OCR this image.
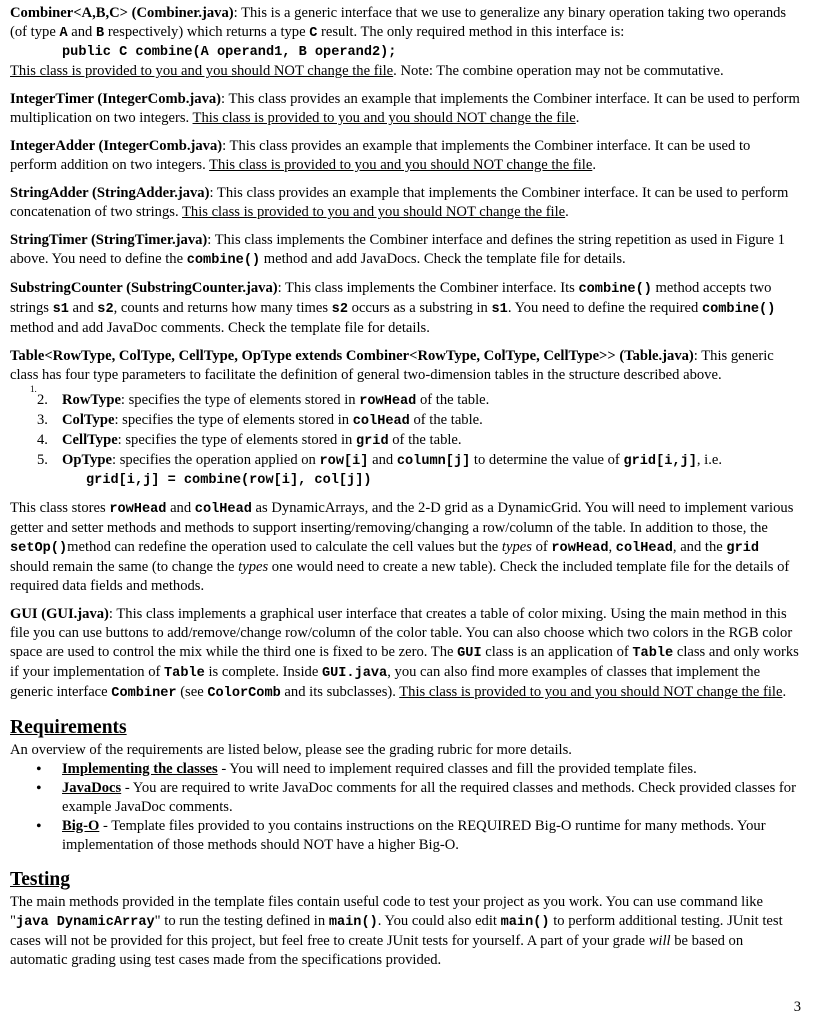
Combiner<A,B,C> (Combiner.java): This is a generic interface that we use to generalize any binary operation taking two operands (of type A and B respectively) which returns a type C result. The only required method in this interface is:
public C combine(A operand1, B operand2);
This class is provided to you and you should NOT change the file. Note: The combine operation may not be commutative.

IntegerTimer (IntegerComb.java): This class provides an example that implements the Combiner interface. It can be used to perform multiplication on two integers. This class is provided to you and you should NOT change the file.

IntegerAdder (IntegerComb.java): This class provides an example that implements the Combiner interface. It can be used to perform addition on two integers. This class is provided to you and you should NOT change the file.

StringAdder (StringAdder.java): This class provides an example that implements the Combiner interface. It can be used to perform concatenation of two strings. This class is provided to you and you should NOT change the file.

StringTimer (StringTimer.java): This class implements the Combiner interface and defines the string repetition as used in Figure 1 above. You need to define the combine() method and add JavaDocs. Check the template file for details.

SubstringCounter (SubstringCounter.java): This class implements the Combiner interface. Its combine() method accepts two strings s1 and s2, counts and returns how many times s2 occurs as a substring in s1. You need to define the required combine() method and add JavaDoc comments. Check the template file for details.

Table<RowType, ColType, CellType, OpType extends Combiner<RowType, ColType, CellType>> (Table.java): This generic class has four type parameters to facilitate the definition of general two-dimension tables in the structure described above.
1.

2. RowType: specifies the type of elements stored in rowHead of the table.
3. ColType: specifies the type of elements stored in colHead of the table.
4. CellType: specifies the type of elements stored in grid of the table.
5. OpType: specifies the operation applied on row[i] and column[j] to determine the value of grid[i,j], i.e.
grid[i,j] = combine(row[i], col[j])

This class stores rowHead and colHead as DynamicArrays, and the 2-D grid as a DynamicGrid. You will need to implement various getter and setter methods and methods to support inserting/removing/changing a row/column of the table. In addition to those, the setOp()method can redefine the operation used to calculate the cell values but the types of rowHead, colHead, and the grid should remain the same (to change the types one would need to create a new table). Check the included template file for the details of required data fields and methods.

GUI (GUI.java): This class implements a graphical user interface that creates a table of color mixing. Using the main method in this file you can use buttons to add/remove/change row/column of the color table. You can also choose which two colors in the RGB color space are used to control the mix while the third one is fixed to be zero. The GUI class is an application of Table class and only works if your implementation of Table is complete. Inside GUI.java, you can also find more examples of classes that implement the generic interface Combiner (see ColorComb and its subclasses). This class is provided to you and you should NOT change the file.

Requirements

An overview of the requirements are listed below, please see the grading rubric for more details.

• Implementing the classes - You will need to implement required classes and fill the provided template files.
• JavaDocs - You are required to write JavaDoc comments for all the required classes and methods. Check provided classes for example JavaDoc comments.
• Big-O - Template files provided to you contains instructions on the REQUIRED Big-O runtime for many methods. Your implementation of those methods should NOT have a higher Big-O.
Testing

The main methods provided in the template files contain useful code to test your project as you work. You can use command like "java DynamicArray" to run the testing defined in main(). You could also edit main() to perform additional testing. JUnit test cases will not be provided for this project, but feel free to create JUnit tests for yourself. A part of your grade will be based on automatic grading using test cases made from the specifications provided.

3
